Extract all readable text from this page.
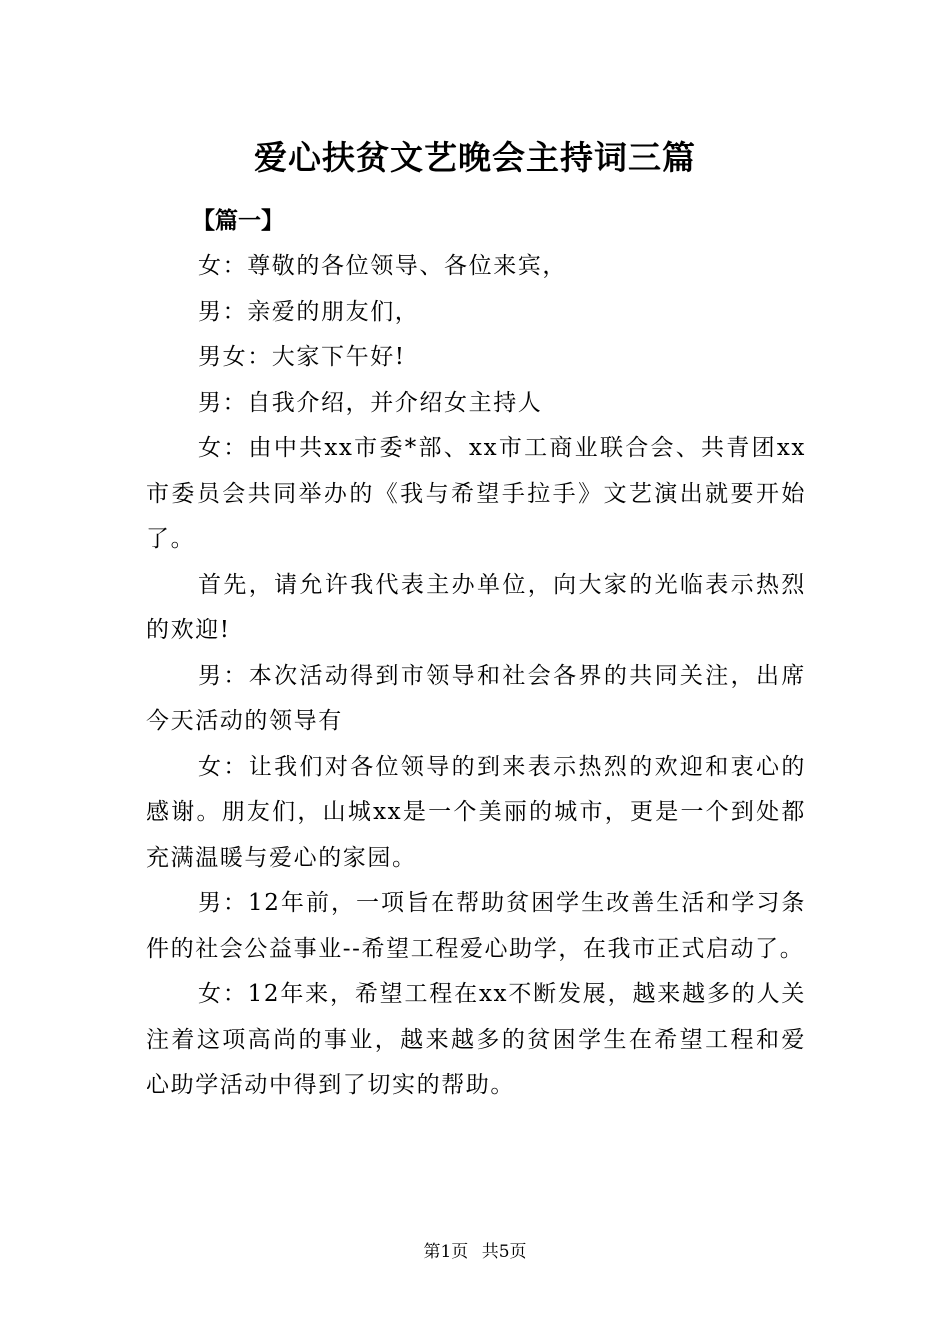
爱心扶贫文艺晚会主持词三篇

【篇一】

女：尊敬的各位领导、各位来宾，

男：亲爱的朋友们，

男女：大家下午好!

男：自我介绍，并介绍女主持人

女：由中共xx市委*部、xx市工商业联合会、共青团xx市委员会共同举办的《我与希望手拉手》文艺演出就要开始了。

首先，请允许我代表主办单位，向大家的光临表示热烈的欢迎!

男：本次活动得到市领导和社会各界的共同关注，出席今天活动的领导有

女：让我们对各位领导的到来表示热烈的欢迎和衷心的感谢。朋友们，山城xx是一个美丽的城市，更是一个到处都充满温暖与爱心的家园。

男：12年前，一项旨在帮助贫困学生改善生活和学习条件的社会公益事业--希望工程爱心助学，在我市正式启动了。

女：12年来，希望工程在xx不断发展，越来越多的人关注着这项高尚的事业，越来越多的贫困学生在希望工程和爱心助学活动中得到了切实的帮助。

第1页 共5页
